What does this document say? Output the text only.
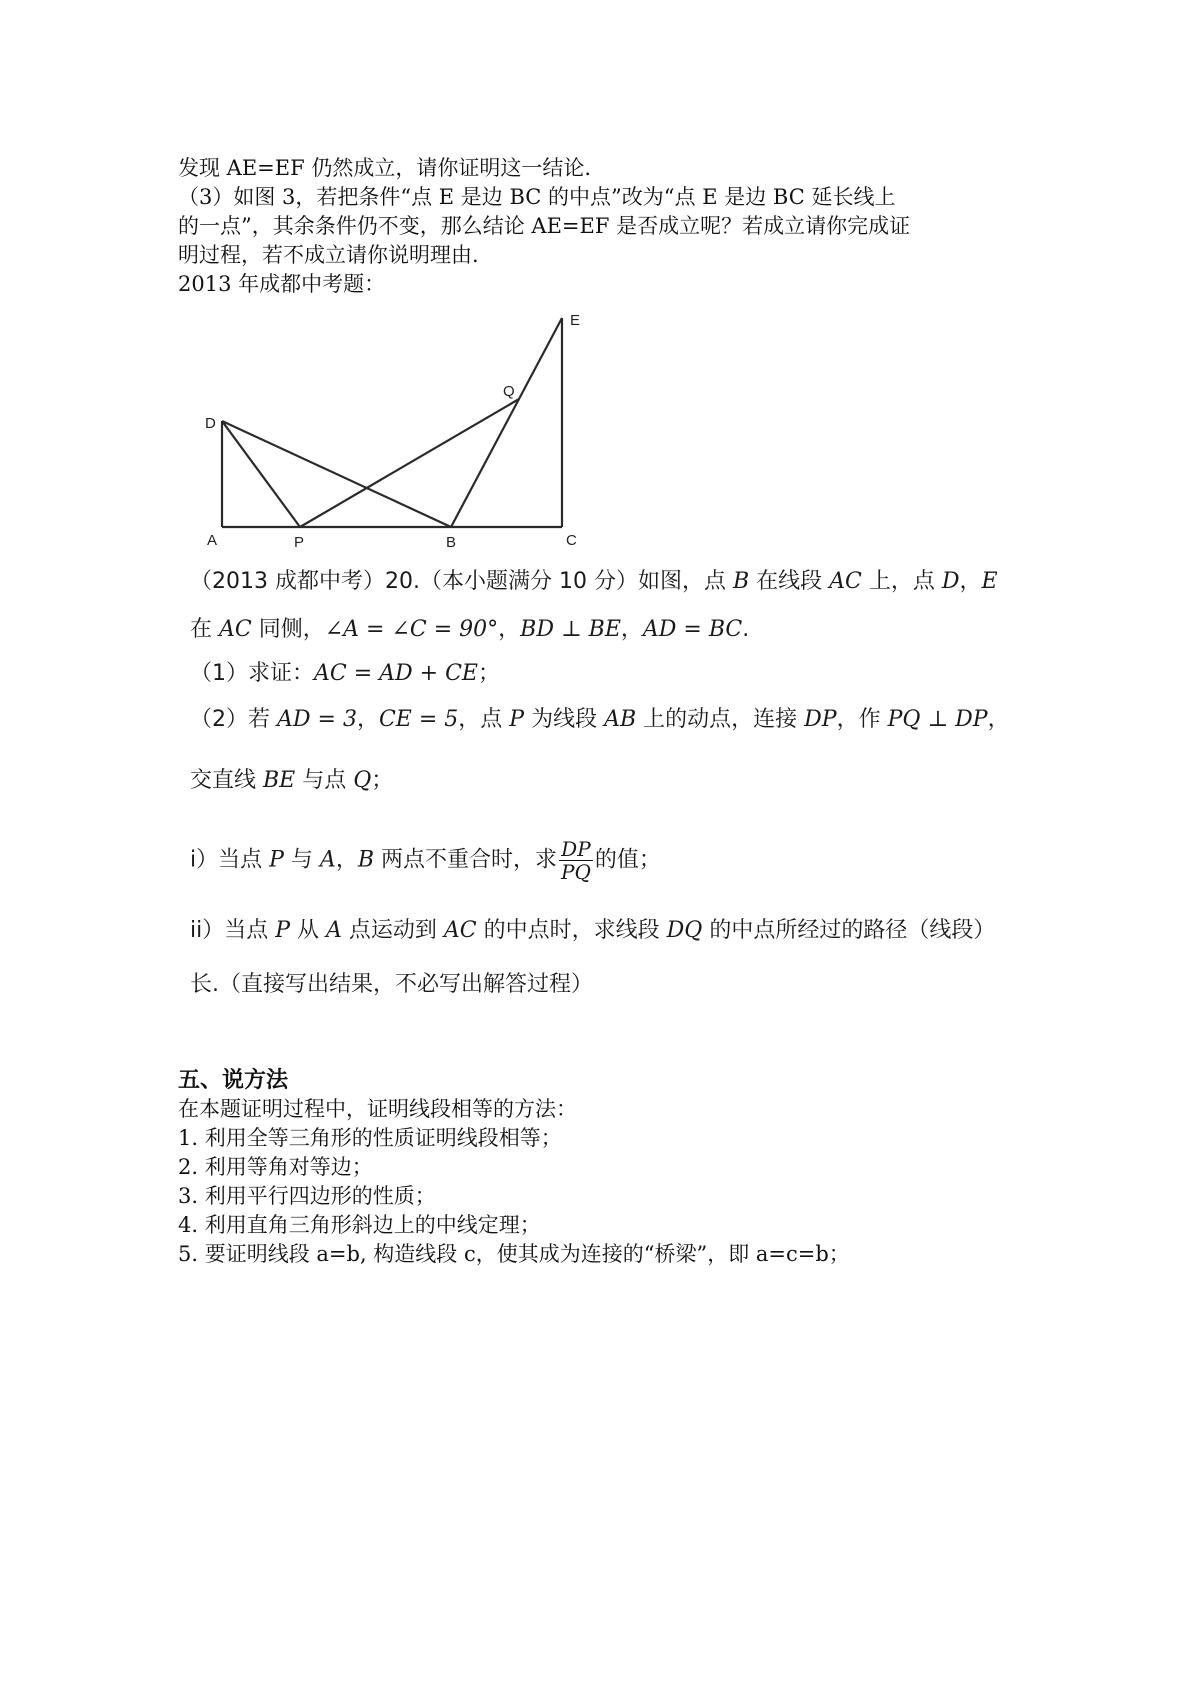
发现 AE=EF 仍然成立，请你证明这一结论.
（3）如图 3，若把条件“点 E 是边 BC 的中点”改为“点 E 是边 BC 延长线上
的一点”，其余条件仍不变，那么结论 AE=EF 是否成立呢？若成立请你完成证
明过程，若不成立请你说明理由.
2013 年成都中考题：
A	P	B	C
D
E
Q
（2013 成都中考）20.（本小题满分 10 分）如图，点 B 在线段 AC 上，点 D，E
在 AC 同侧，∠A = ∠C = 90°，BD ⊥ BE，AD = BC.
（1）求证：AC = AD + CE；
（2）若 AD = 3，CE = 5，点 P 为线段 AB 上的动点，连接 DP，作 PQ ⊥ DP，
交直线 BE 与点 Q；
i）当点 P 与 A，B 两点不重合时，求 $\frac{DP}{PQ}$ 的值；
ii）当点 P 从 A 点运动到 AC 的中点时，求线段 DQ 的中点所经过的路径（线段）
长.（直接写出结果，不必写出解答过程）
五、说方法
在本题证明过程中，证明线段相等的方法：
1. 利用全等三角形的性质证明线段相等；
2. 利用等角对等边；
3. 利用平行四边形的性质；
4. 利用直角三角形斜边上的中线定理；
5. 要证明线段 a=b, 构造线段 c，使其成为连接的“桥梁”，即 a=c=b；
